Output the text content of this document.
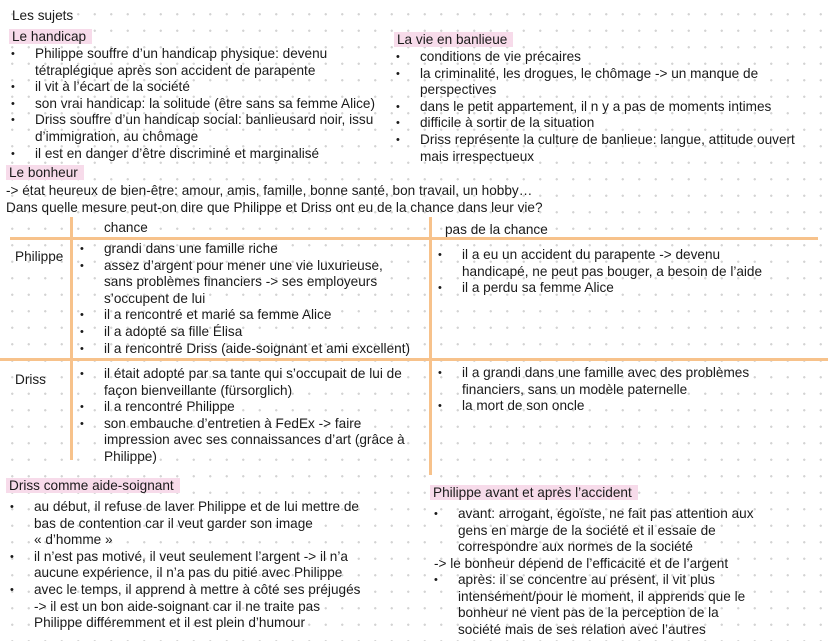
Les sujets
Le handicap
• Philippe souffre d’un handicap physique: devenu
tétraplégique après son accident de parapente
• il vit à l’écart de la société
• son vrai handicap: la solitude (être sans sa femme Alice)
• Driss souffre d’un handicap social: banlieusard noir, issu
d’immigration, au chômage
• il est en danger d’être discriminé et marginalisé
La vie en banlieue
• conditions de vie précaires
• la criminalité, les drogues, le chômage -> un manque de
perspectives
• dans le petit appartement, il n y a pas de moments intimes
• difficile à sortir de la situation
• Driss représente la culture de banlieue: langue, attitude ouvert
mais irrespectueux
Le bonheur
-> état heureux de bien-être: amour, amis, famille, bonne santé, bon travail, un hobby…
Dans quelle mesure peut-on dire que Philippe et Driss ont eu de la chance dans leur vie?
chance	pas de la chance
Philippe
• grandi dans une famille riche
• assez d’argent pour mener une vie luxurieuse,
sans problèmes financiers -> ses employeurs
s’occupent de lui
• il a rencontré et marié sa femme Alice
• il a adopté sa fille Élisa
• il a rencontré Driss (aide-soignant et ami excellent)
• il a eu un accident du parapente -> devenu
handicapé, ne peut pas bouger, a besoin de l’aide
• il a perdu sa femme Alice
Driss
•	il était adopté par sa tante qui s’occupait de lui de
façon bienveillante (fürsorglich)
• il a rencontré Philippe
• son embauche d’entretien à FedEx -> faire
impression avec ses connaissances d’art (grâce à
Philippe)
• il a grandi dans une famille avec des problèmes
financiers, sans un modèle paternelle
• la mort de son oncle
Driss comme aide-soignant
• au début, il refuse de laver Philippe et de lui mettre de
bas de contention car il veut garder son image
« d’homme »
• il n’est pas motivé, il veut seulement l’argent -> il n’a
aucune expérience, il n’a pas du pitié avec Philippe
• avec le temps, il apprend à mettre à côté ses préjugés
-> il est un bon aide-soignant car il ne traite pas
Philippe différemment et il est plein d’humour
Philippe avant et après l’accident
• avant: arrogant, égoïste, ne fait pas attention aux
gens en marge de la société et il essaie de
correspondre aux normes de la société
-> le bonheur dépend de l’efficacité et de l’argent
• après: il se concentre au présent, il vit plus
intensément/pour le moment, il apprends que le
bonheur ne vient pas de la perception de la
société mais de ses relation avec l’autres
